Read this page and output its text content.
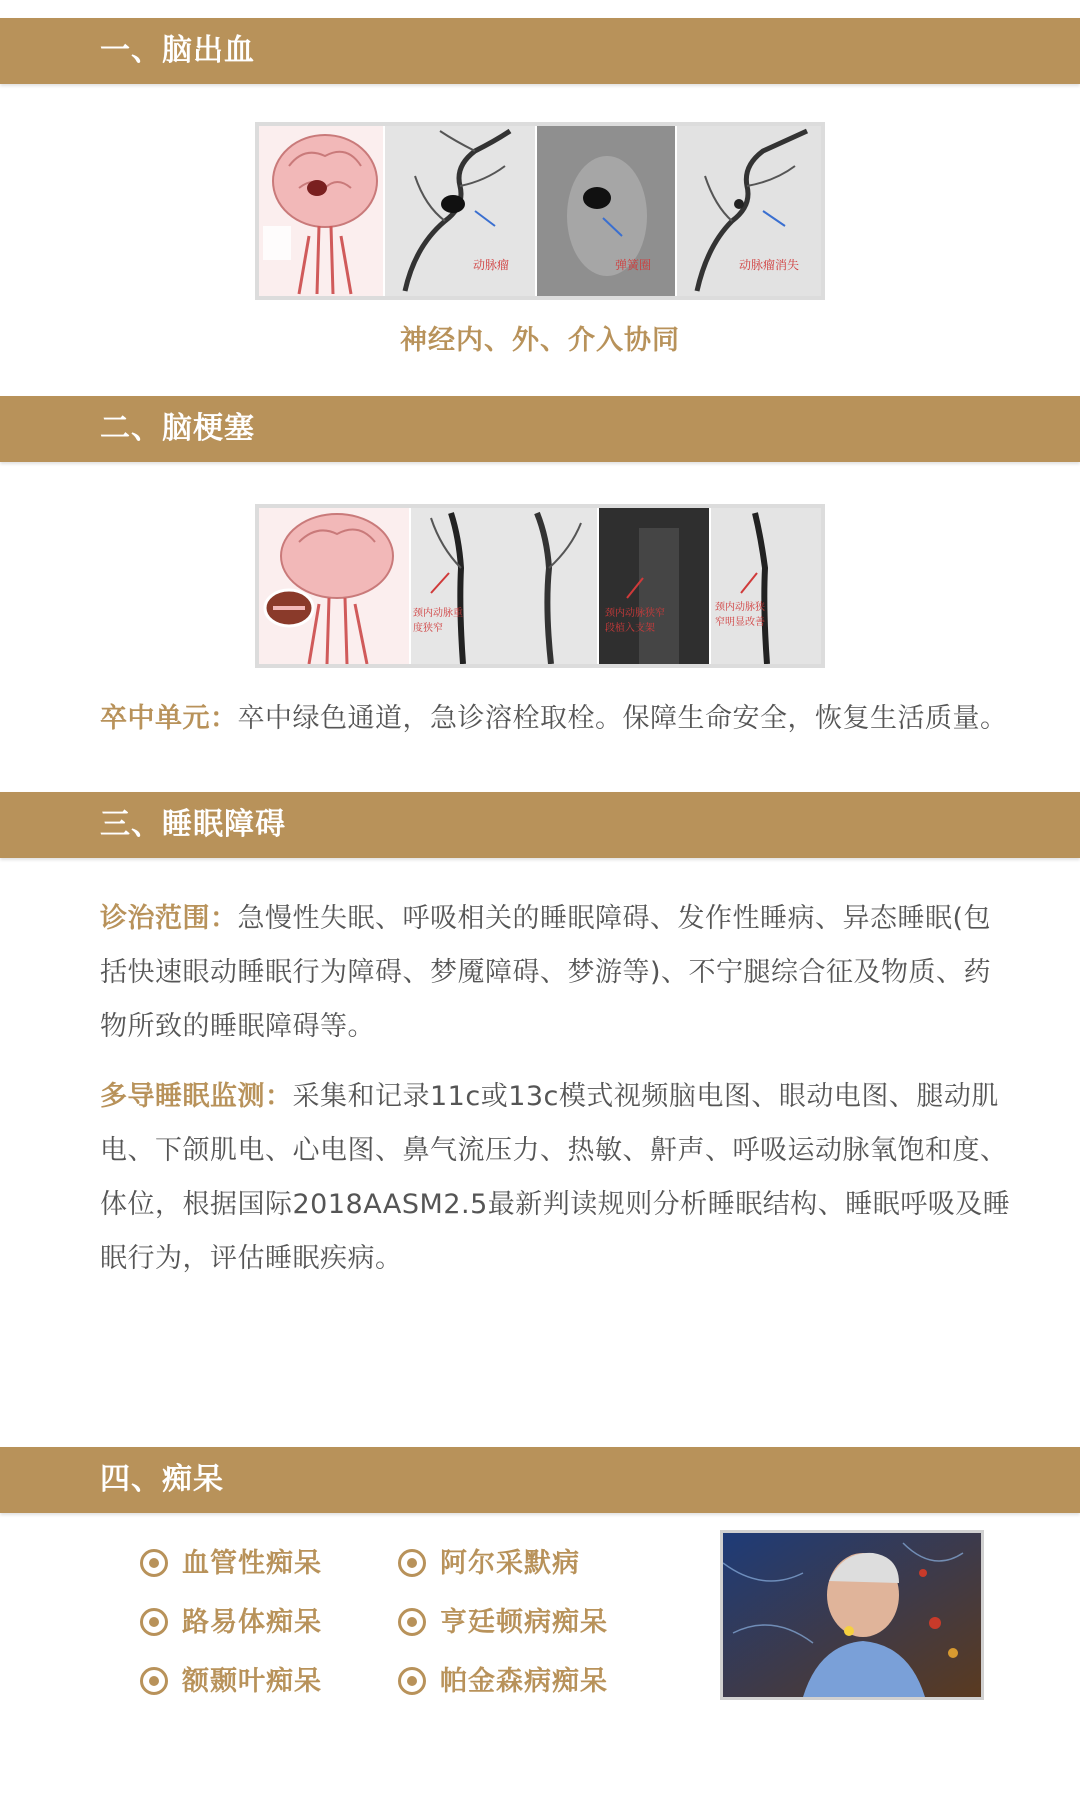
一、脑出血
动脉瘤	弹簧圈	动脉瘤消失
神经内、外、介入协同
二、脑梗塞
颈内动脉重度狭窄
颈内动脉狭窄段植入支架
颈内动脉狭窄明显改善
卒中单元：卒中绿色通道，急诊溶栓取栓。保障生命安全，恢复生活质量。
三、睡眠障碍
诊治范围：急慢性失眠、呼吸相关的睡眠障碍、发作性睡病、异态睡眠(包括快速眼动睡眠行为障碍、梦魇障碍、梦游等)、不宁腿综合征及物质、药物所致的睡眠障碍等。
多导睡眠监测：采集和记录11c或13c模式视频脑电图、眼动电图、腿动肌电、下颌肌电、心电图、鼻气流压力、热敏、鼾声、呼吸运动脉氧饱和度、体位，根据国际2018AASM2.5最新判读规则分析睡眠结构、睡眠呼吸及睡眠行为，评估睡眠疾病。
四、痴呆
血管性痴呆	阿尔采默病
路易体痴呆	亨廷顿病痴呆
额颞叶痴呆	帕金森病痴呆
